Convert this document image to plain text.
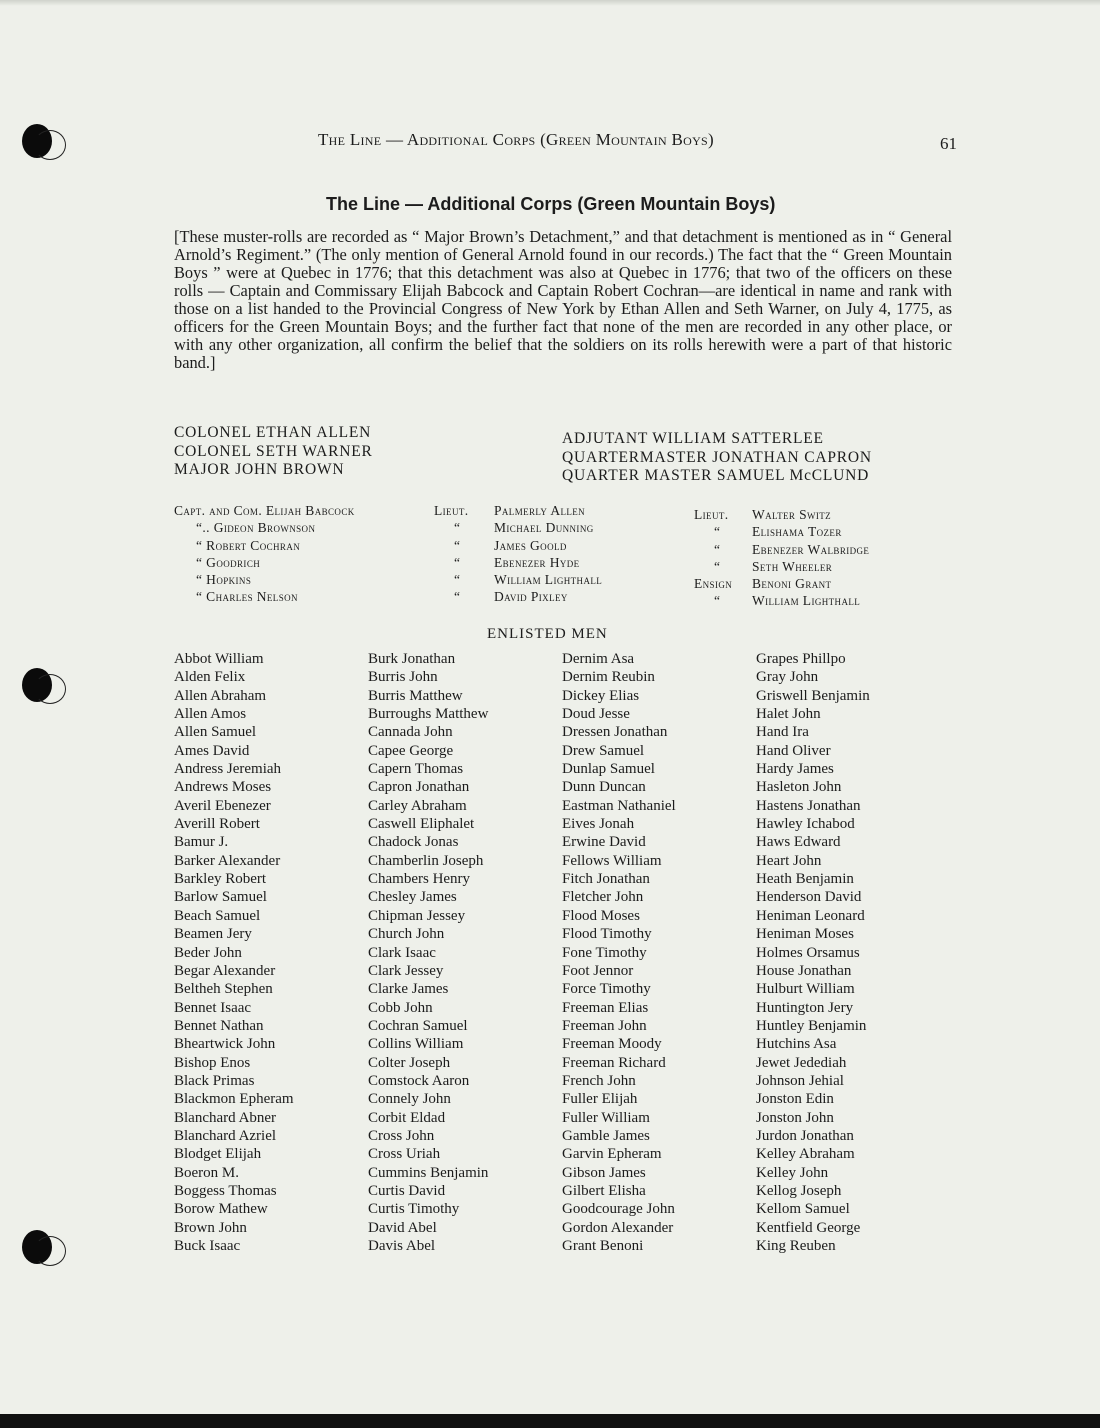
The Line — Additional Corps (Green Mountain Boys)	61
The Line — Additional Corps (Green Mountain Boys)
[These muster-rolls are recorded as “ Major Brown’s Detachment,” and that detachment is mentioned as in “ General Arnold’s Regiment.” (The only mention of General Arnold found in our records.) The fact that the “ Green Mountain Boys ” were at Quebec in 1776; that this detachment was also at Quebec in 1776; that two of the officers on these rolls — Captain and Commissary Elijah Babcock and Captain Robert Cochran—are identical in name and rank with those on a list handed to the Provincial Congress of New York by Ethan Allen and Seth Warner, on July 4, 1775, as officers for the Green Mountain Boys; and the further fact that none of the men are recorded in any other place, or with any other organization, all confirm the belief that the soldiers on its rolls herewith were a part of that historic band.]
COLONEL ETHAN ALLEN
COLONEL SETH WARNER
MAJOR JOHN BROWN
ADJUTANT WILLIAM SATTERLEE
QUARTERMASTER JONATHAN CAPRON
QUARTER MASTER SAMUEL McCLUND
Capt. and Com. Elijah Babcock
“.. Gideon Brownson
“ Robert Cochran
“ Goodrich
“ Hopkins
“ Charles Nelson
Lieut.
“
“
“
“
“
Palmerly Allen
Michael Dunning
James Goold
Ebenezer Hyde
William Lighthall
David Pixley
Lieut. Walter Switz
“ Elishama Tozer
“ Ebenezer Walbridge
“ Seth Wheeler
Ensign Benoni Grant
“ William Lighthall
ENLISTED MEN
Abbot William
Alden Felix
Allen Abraham
Allen Amos
Allen Samuel
Ames David
Andress Jeremiah
Andrews Moses
Averil Ebenezer
Averill Robert
Bamur J.
Barker Alexander
Barkley Robert
Barlow Samuel
Beach Samuel
Beamen Jery
Beder John
Begar Alexander
Beltheh Stephen
Bennet Isaac
Bennet Nathan
Bheartwick John
Bishop Enos
Black Primas
Blackmon Epheram
Blanchard Abner
Blanchard Azriel
Blodget Elijah
Boeron M.
Boggess Thomas
Borow Mathew
Brown John
Buck Isaac
Burk Jonathan
Burris John
Burris Matthew
Burroughs Matthew
Cannada John
Capee George
Capern Thomas
Capron Jonathan
Carley Abraham
Caswell Eliphalet
Chadock Jonas
Chamberlin Joseph
Chambers Henry
Chesley James
Chipman Jessey
Church John
Clark Isaac
Clark Jessey
Clarke James
Cobb John
Cochran Samuel
Collins William
Colter Joseph
Comstock Aaron
Connely John
Corbit Eldad
Cross John
Cross Uriah
Cummins Benjamin
Curtis David
Curtis Timothy
David Abel
Davis Abel
Dernim Asa
Dernim Reubin
Dickey Elias
Doud Jesse
Dressen Jonathan
Drew Samuel
Dunlap Samuel
Dunn Duncan
Eastman Nathaniel
Eives Jonah
Erwine David
Fellows William
Fitch Jonathan
Fletcher John
Flood Moses
Flood Timothy
Fone Timothy
Foot Jennor
Force Timothy
Freeman Elias
Freeman John
Freeman Moody
Freeman Richard
French John
Fuller Elijah
Fuller William
Gamble James
Garvin Epheram
Gibson James
Gilbert Elisha
Goodcourage John
Gordon Alexander
Grant Benoni
Grapes Phillpo
Gray John
Griswell Benjamin
Halet John
Hand Ira
Hand Oliver
Hardy James
Hasleton John
Hastens Jonathan
Hawley Ichabod
Haws Edward
Heart John
Heath Benjamin
Henderson David
Heniman Leonard
Heniman Moses
Holmes Orsamus
House Jonathan
Hulburt William
Huntington Jery
Huntley Benjamin
Hutchins Asa
Jewet Jedediah
Johnson Jehial
Jonston Edin
Jonston John
Jurdon Jonathan
Kelley Abraham
Kelley John
Kellog Joseph
Kellom Samuel
Kentfield George
King Reuben
